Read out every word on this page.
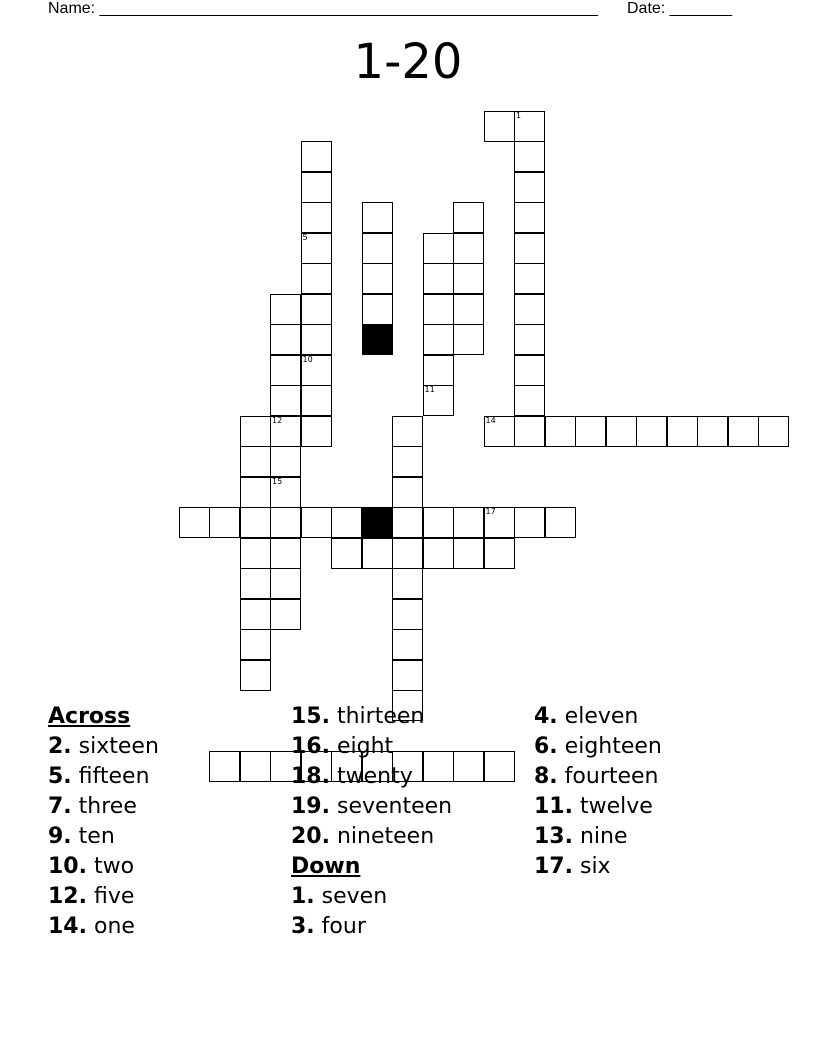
Name: ________________________________________________________ Date: _______
1-20
5
10
11
12
15
17
14
1
Across
2. sixteen
5. fifteen
7. three
9. ten
10. two
12. five
14. one
15. thirteen
16. eight
18. twenty
19. seventeen
20. nineteen
Down
1. seven
3. four
4. eleven
6. eighteen
8. fourteen
11. twelve
13. nine
17. six
